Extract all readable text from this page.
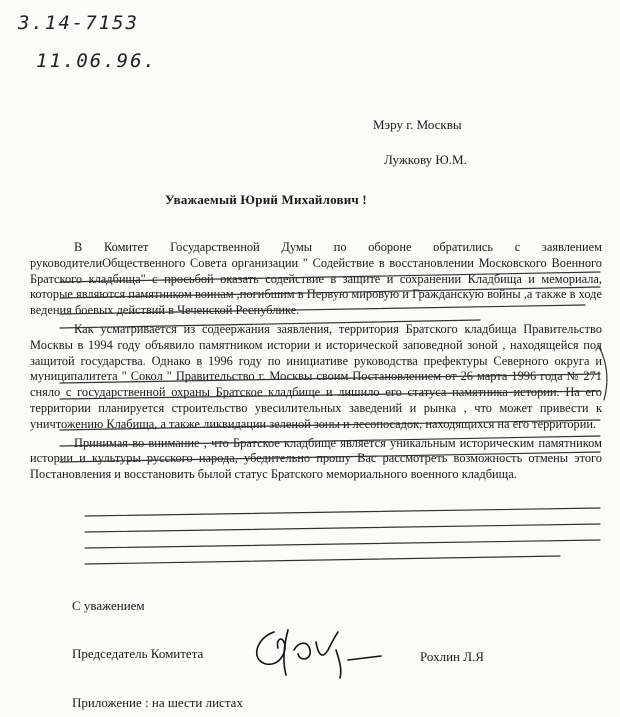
3.14-7153
11.06.96.
Мэру г. Москвы
Лужкову Ю.М.
Уважаемый Юрий Михайлович !

В Комитет Государственной Думы по обороне обратились с заявлением руководителиОбщественного Совета организации " Содействие в восстановлении Московского Военного Братского кладбища" с просьбой оказать содействие в защите и сохранении Кладбища и мемориала, которые являются памятником воинам ,погибшим в Первую мировую и Гражданскую войны ,а также в ходе ведения боевых действий в Чеченской Республике.

Как усматривается из содеержания заявления, территория Братского кладбища Правительство Москвы в 1994 году объявило памятником истории и исторической заповедной зоной , находящейся под защитой государства. Однако в 1996 году по инициативе руководства префектуры Северного округа и муниципалитета " Сокол " Правительство г. Москвы своим Постановлением от 26 марта 1996 года № 271 сняло с государственной охраны Братское кладбище и лишило его статуса памятника истории. На его территории планируется строительство увесилительных заведений и рынка , что может привести к уничтожению Клабища, а также ликвидации зеленой зоны и лесопосадок, находящихся на его территории.

Принимая во внимание , что Братское кладбище является уникальным историческим памятником истории и культуры русского народа, убедительно прошу Вас рассмотреть возможность отмены этого Постановления и восстановить былой статус Братского мемориального военного кладбища.

С уважением
Председатель Комитета	Рохлин Л.Я
Приложение : на шести листах
